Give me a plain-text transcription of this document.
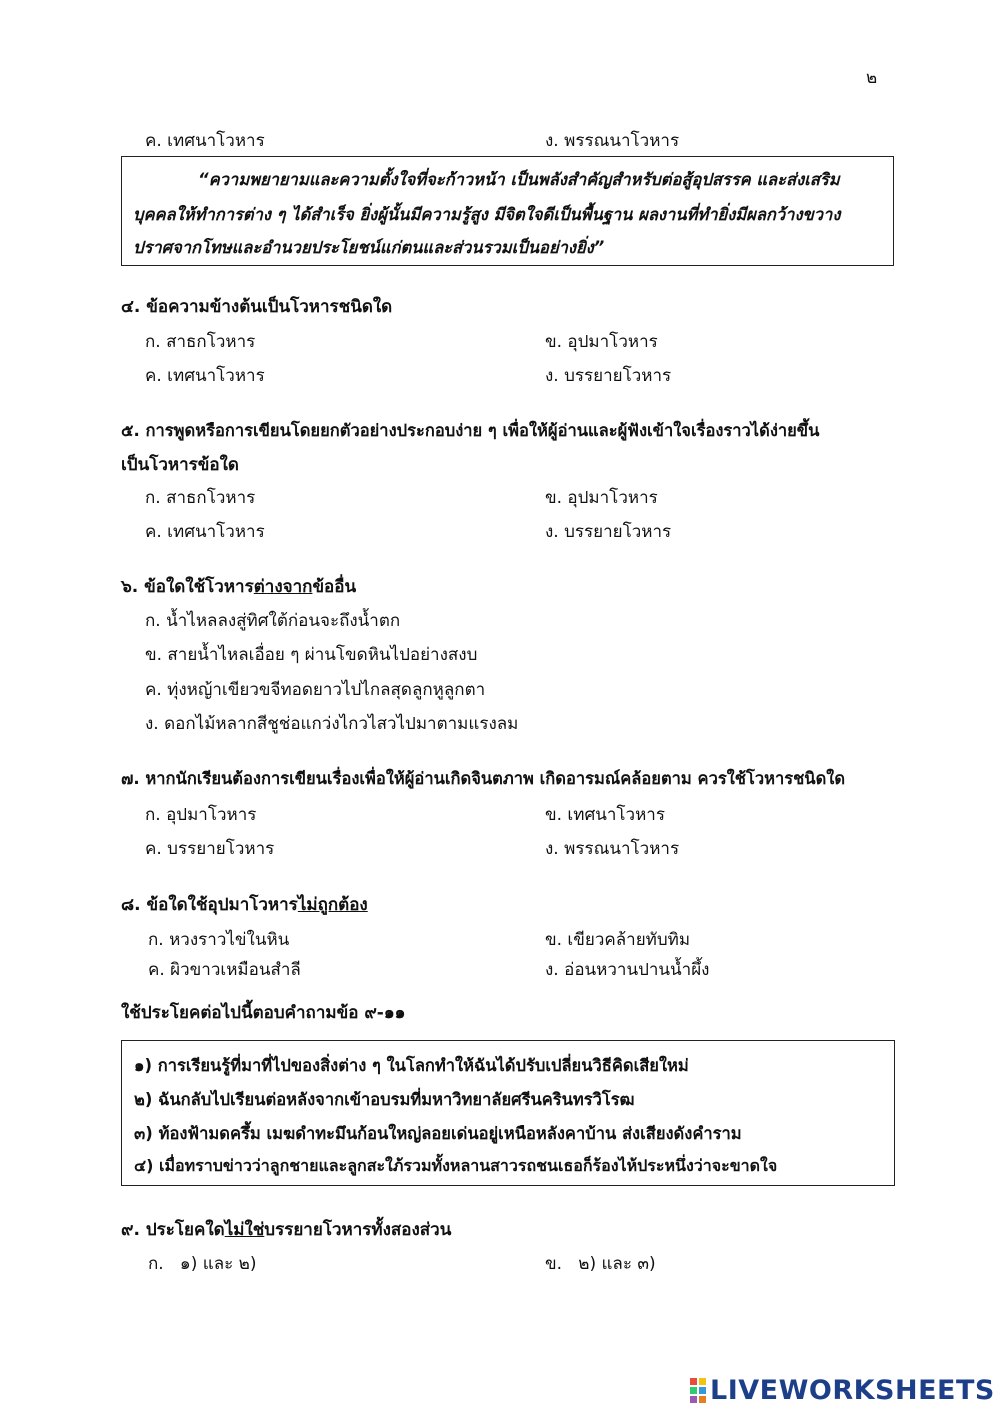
๒
ค. เทศนาโวหาร	ง. พรรณนาโวหาร
“ความพยายามและความตั้งใจที่จะก้าวหน้า เป็นพลังสำคัญสำหรับต่อสู้อุปสรรค และส่งเสริม
บุคคลให้ทำการต่าง ๆ ได้สำเร็จ ยิ่งผู้นั้นมีความรู้สูง มีจิตใจดีเป็นพื้นฐาน ผลงานที่ทำยิ่งมีผลกว้างขวาง
ปราศจากโทษและอำนวยประโยชน์แก่ตนและส่วนรวมเป็นอย่างยิ่ง”
๔. ข้อความข้างต้นเป็นโวหารชนิดใด
ก. สาธกโวหาร	ข. อุปมาโวหาร
ค. เทศนาโวหาร	ง. บรรยายโวหาร
๕. การพูดหรือการเขียนโดยยกตัวอย่างประกอบง่าย ๆ เพื่อให้ผู้อ่านและผู้ฟังเข้าใจเรื่องราวได้ง่ายขึ้น
เป็นโวหารข้อใด
ก. สาธกโวหาร	ข. อุปมาโวหาร
ค. เทศนาโวหาร	ง. บรรยายโวหาร
๖. ข้อใดใช้โวหารต่างจากข้ออื่น
ก. น้ำไหลลงสู่ทิศใต้ก่อนจะถึงน้ำตก
ข. สายน้ำไหลเอื่อย ๆ ผ่านโขดหินไปอย่างสงบ
ค. ทุ่งหญ้าเขียวขจีทอดยาวไปไกลสุดลูกหูลูกตา
ง. ดอกไม้หลากสีชูช่อแกว่งไกวไสวไปมาตามแรงลม
๗. หากนักเรียนต้องการเขียนเรื่องเพื่อให้ผู้อ่านเกิดจินตภาพ เกิดอารมณ์คล้อยตาม ควรใช้โวหารชนิดใด
ก. อุปมาโวหาร	ข. เทศนาโวหาร
ค. บรรยายโวหาร	ง. พรรณนาโวหาร
๘. ข้อใดใช้อุปมาโวหารไม่ถูกต้อง
ก. หวงราวไข่ในหิน	ข. เขียวคล้ายทับทิม
ค. ผิวขาวเหมือนสำลี	ง. อ่อนหวานปานน้ำผึ้ง
ใช้ประโยคต่อไปนี้ตอบคำถามข้อ ๙-๑๑
๑) การเรียนรู้ที่มาที่ไปของสิ่งต่าง ๆ ในโลกทำให้ฉันได้ปรับเปลี่ยนวิธีคิดเสียใหม่
๒) ฉันกลับไปเรียนต่อหลังจากเข้าอบรมที่มหาวิทยาลัยศรีนครินทรวิโรฒ
๓) ท้องฟ้ามดครึ้ม เมฆดำทะมึนก้อนใหญ่ลอยเด่นอยู่เหนือหลังคาบ้าน ส่งเสียงดังคำราม
๔) เมื่อทราบข่าวว่าลูกชายและลูกสะใภ้รวมทั้งหลานสาวรถชนเธอก็ร้องไห้ประหนึ่งว่าจะขาดใจ
๙. ประโยคใดไม่ใช่บรรยายโวหารทั้งสองส่วน
ก.   ๑) และ ๒)	ข.   ๒) และ ๓)
LIVEWORKSHEETS
